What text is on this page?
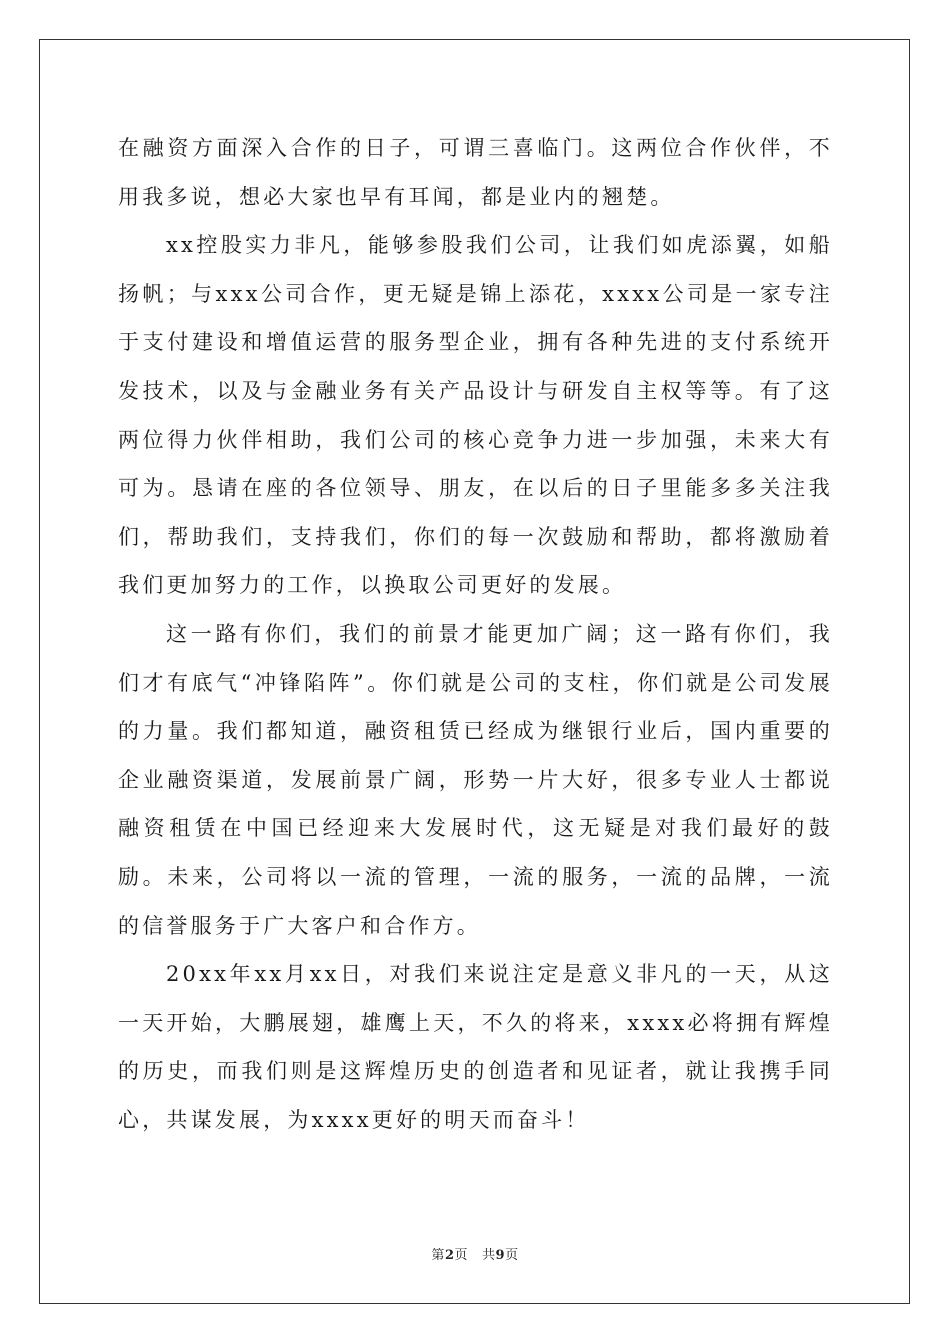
在融资方面深入合作的日子，可谓三喜临门。这两位合作伙伴，不用我多说，想必大家也早有耳闻，都是业内的翘楚。

xx控股实力非凡，能够参股我们公司，让我们如虎添翼，如船扬帆；与xxx公司合作，更无疑是锦上添花，xxxx公司是一家专注于支付建设和增值运营的服务型企业，拥有各种先进的支付系统开发技术，以及与金融业务有关产品设计与研发自主权等等。有了这两位得力伙伴相助，我们公司的核心竞争力进一步加强，未来大有可为。恳请在座的各位领导、朋友，在以后的日子里能多多关注我们，帮助我们，支持我们，你们的每一次鼓励和帮助，都将激励着我们更加努力的工作，以换取公司更好的发展。

这一路有你们，我们的前景才能更加广阔；这一路有你们，我们才有底气“冲锋陷阵”。你们就是公司的支柱，你们就是公司发展的力量。我们都知道，融资租赁已经成为继银行业后，国内重要的企业融资渠道，发展前景广阔，形势一片大好，很多专业人士都说融资租赁在中国已经迎来大发展时代，这无疑是对我们最好的鼓励。未来，公司将以一流的管理，一流的服务，一流的品牌，一流的信誉服务于广大客户和合作方。

20xx年xx月xx日，对我们来说注定是意义非凡的一天，从这一天开始，大鹏展翅，雄鹰上天，不久的将来，xxxx必将拥有辉煌的历史，而我们则是这辉煌历史的创造者和见证者，就让我携手同心，共谋发展，为xxxx更好的明天而奋斗！

第2页 共9页
